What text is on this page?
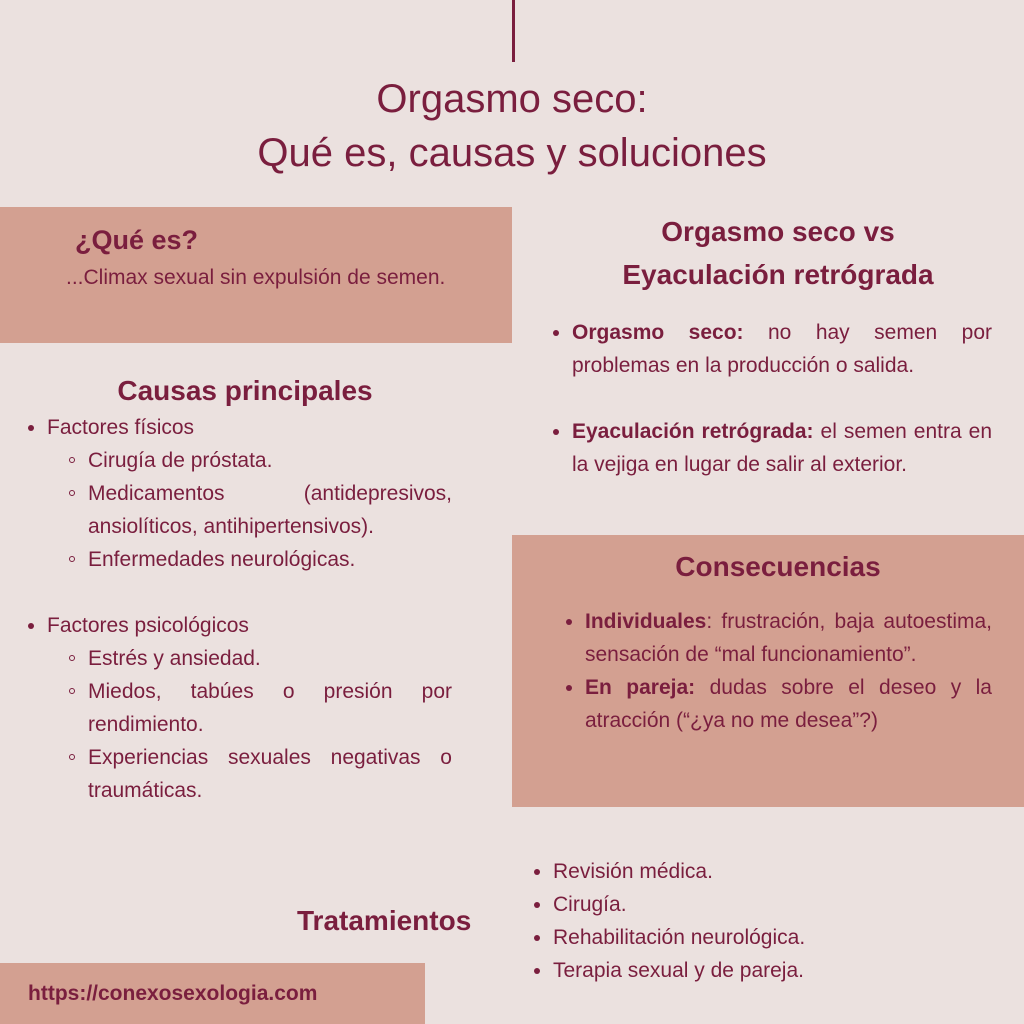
Orgasmo seco:
Qué es, causas y soluciones
¿Qué es?
...Climax sexual sin expulsión de semen.
Orgasmo seco vs
Eyaculación retrógrada
Orgasmo seco: no hay semen por problemas en la producción o salida.
Eyaculación retrógrada: el semen entra en la vejiga en lugar de salir al exterior.
Causas principales
Factores físicos
Cirugía de próstata.
Medicamentos (antidepresivos, ansiolíticos, antihipertensivos).
Enfermedades neurológicas.
Factores psicológicos
Estrés y ansiedad.
Miedos, tabúes o presión por rendimiento.
Experiencias sexuales negativas o traumáticas.
Consecuencias
Individuales: frustración, baja autoestima, sensación de “mal funcionamiento”.
En pareja: dudas sobre el deseo y la atracción (“¿ya no me desea”?)
Tratamientos
Revisión médica.
Cirugía.
Rehabilitación neurológica.
Terapia sexual y de pareja.
https://conexosexologia.com
